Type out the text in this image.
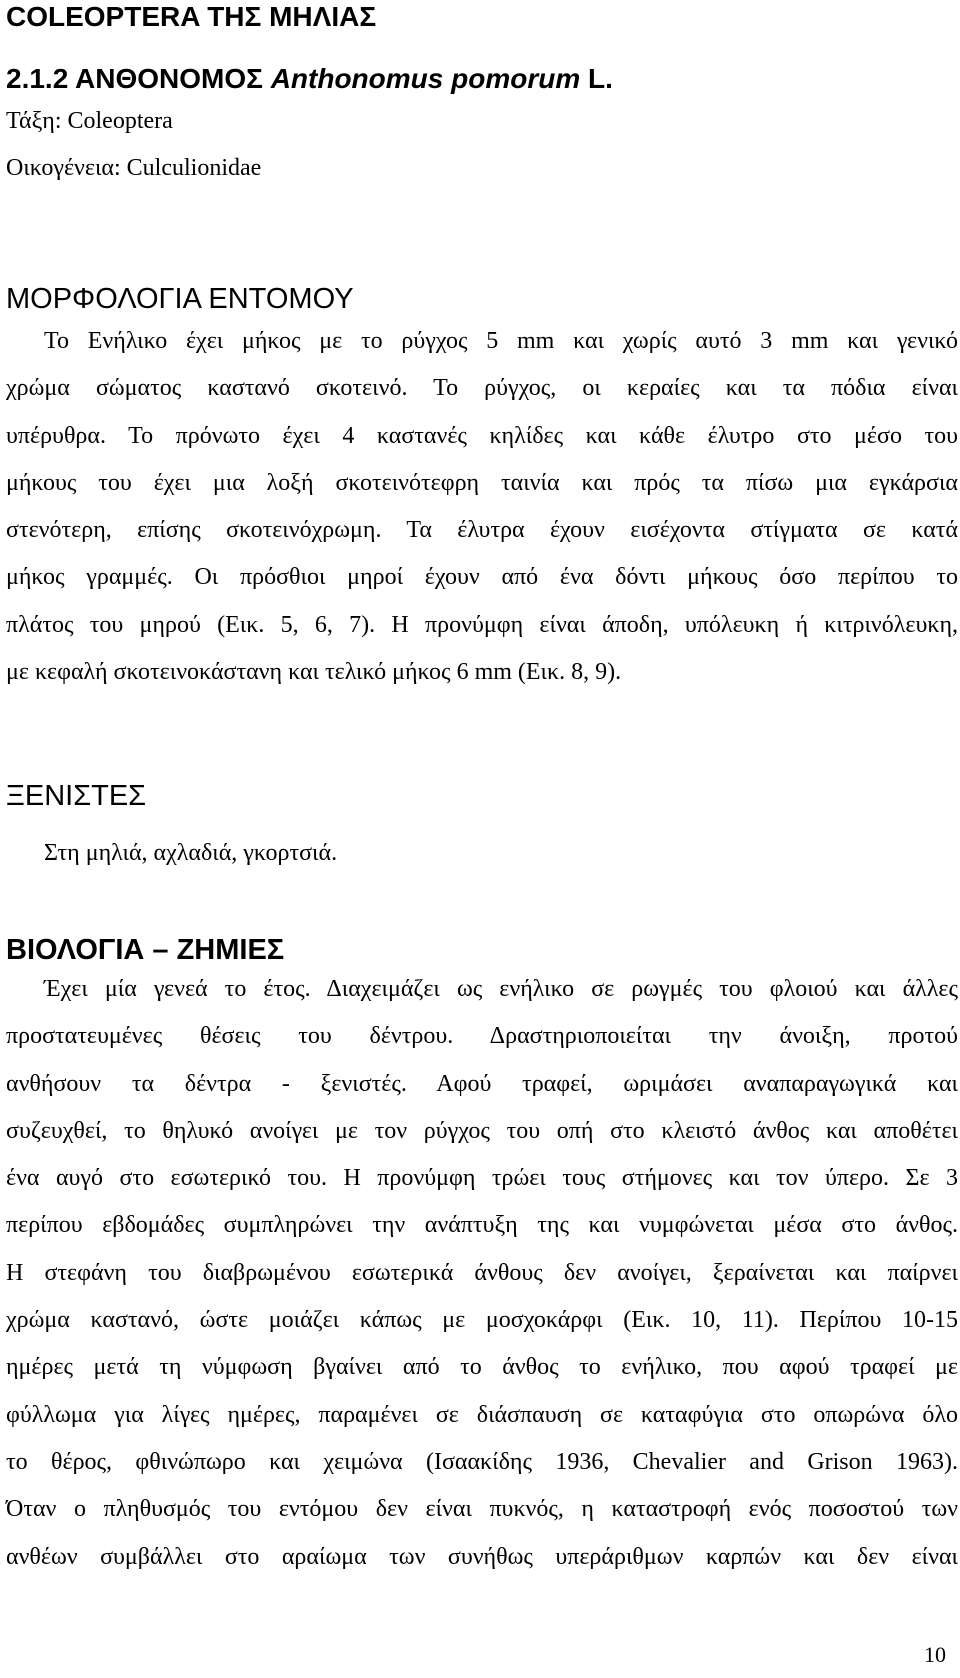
COLEOPTERA ΤΗΣ ΜΗΛΙΑΣ
2.1.2 ΑΝΘΟΝΟΜΟΣ Anthonomus pomorum L.
Τάξη: Coleoptera
Οικογένεια: Culculionidae
ΜΟΡΦΟΛΟΓΙΑ ΕΝΤΟΜΟΥ
Το Ενήλικο έχει μήκος με το ρύγχος 5 mm και χωρίς αυτό 3 mm και γενικό
χρώμα σώματος καστανό σκοτεινό. Το ρύγχος, οι κεραίες και τα πόδια είναι
υπέρυθρα. Το πρόνωτο έχει 4 καστανές κηλίδες και κάθε έλυτρο στο μέσο του
μήκους του έχει μια λοξή σκοτεινότεφρη ταινία και πρός τα πίσω μια εγκάρσια
στενότερη, επίσης σκοτεινόχρωμη. Τα έλυτρα έχουν εισέχοντα στίγματα σε κατά
μήκος γραμμές. Οι πρόσθιοι μηροί έχουν από ένα δόντι μήκους όσο περίπου το
πλάτος του μηρού (Εικ. 5, 6, 7). Η προνύμφη είναι άποδη, υπόλευκη ή κιτρινόλευκη,
με κεφαλή σκοτεινοκάστανη και τελικό μήκος 6 mm (Εικ. 8, 9).
ΞΕΝΙΣΤΕΣ
Στη μηλιά, αχλαδιά, γκορτσιά.
ΒΙΟΛΟΓΙΑ – ΖΗΜΙΕΣ
Έχει μία γενεά το έτος. Διαχειμάζει ως ενήλικο σε ρωγμές του φλοιού και άλλες
προστατευμένες θέσεις του δέντρου. Δραστηριοποιείται την άνοιξη, προτού
ανθήσουν τα δέντρα - ξενιστές. Αφού τραφεί, ωριμάσει αναπαραγωγικά και
συζευχθεί, το θηλυκό ανοίγει με τον ρύγχος του οπή στο κλειστό άνθος και αποθέτει
ένα αυγό στο εσωτερικό του. Η προνύμφη τρώει τους στήμονες και τον ύπερο. Σε 3
περίπου εβδομάδες συμπληρώνει την ανάπτυξη της και νυμφώνεται μέσα στο άνθος.
Η στεφάνη του διαβρωμένου εσωτερικά άνθους δεν ανοίγει, ξεραίνεται και παίρνει
χρώμα καστανό, ώστε μοιάζει κάπως με μοσχοκάρφι (Εικ. 10, 11). Περίπου 10-15
ημέρες μετά τη νύμφωση βγαίνει από το άνθος το ενήλικο, που αφού τραφεί με
φύλλωμα για λίγες ημέρες, παραμένει σε διάσπαυση σε καταφύγια στο οπωρώνα όλο
το θέρος, φθινώπωρο και χειμώνα (Ισαακίδης 1936, Chevalier and Grison 1963).
Όταν ο πληθυσμός του εντόμου δεν είναι πυκνός, η καταστροφή ενός ποσοστού των
ανθέων συμβάλλει στο αραίωμα των συνήθως υπεράριθμων καρπών και δεν είναι
10
